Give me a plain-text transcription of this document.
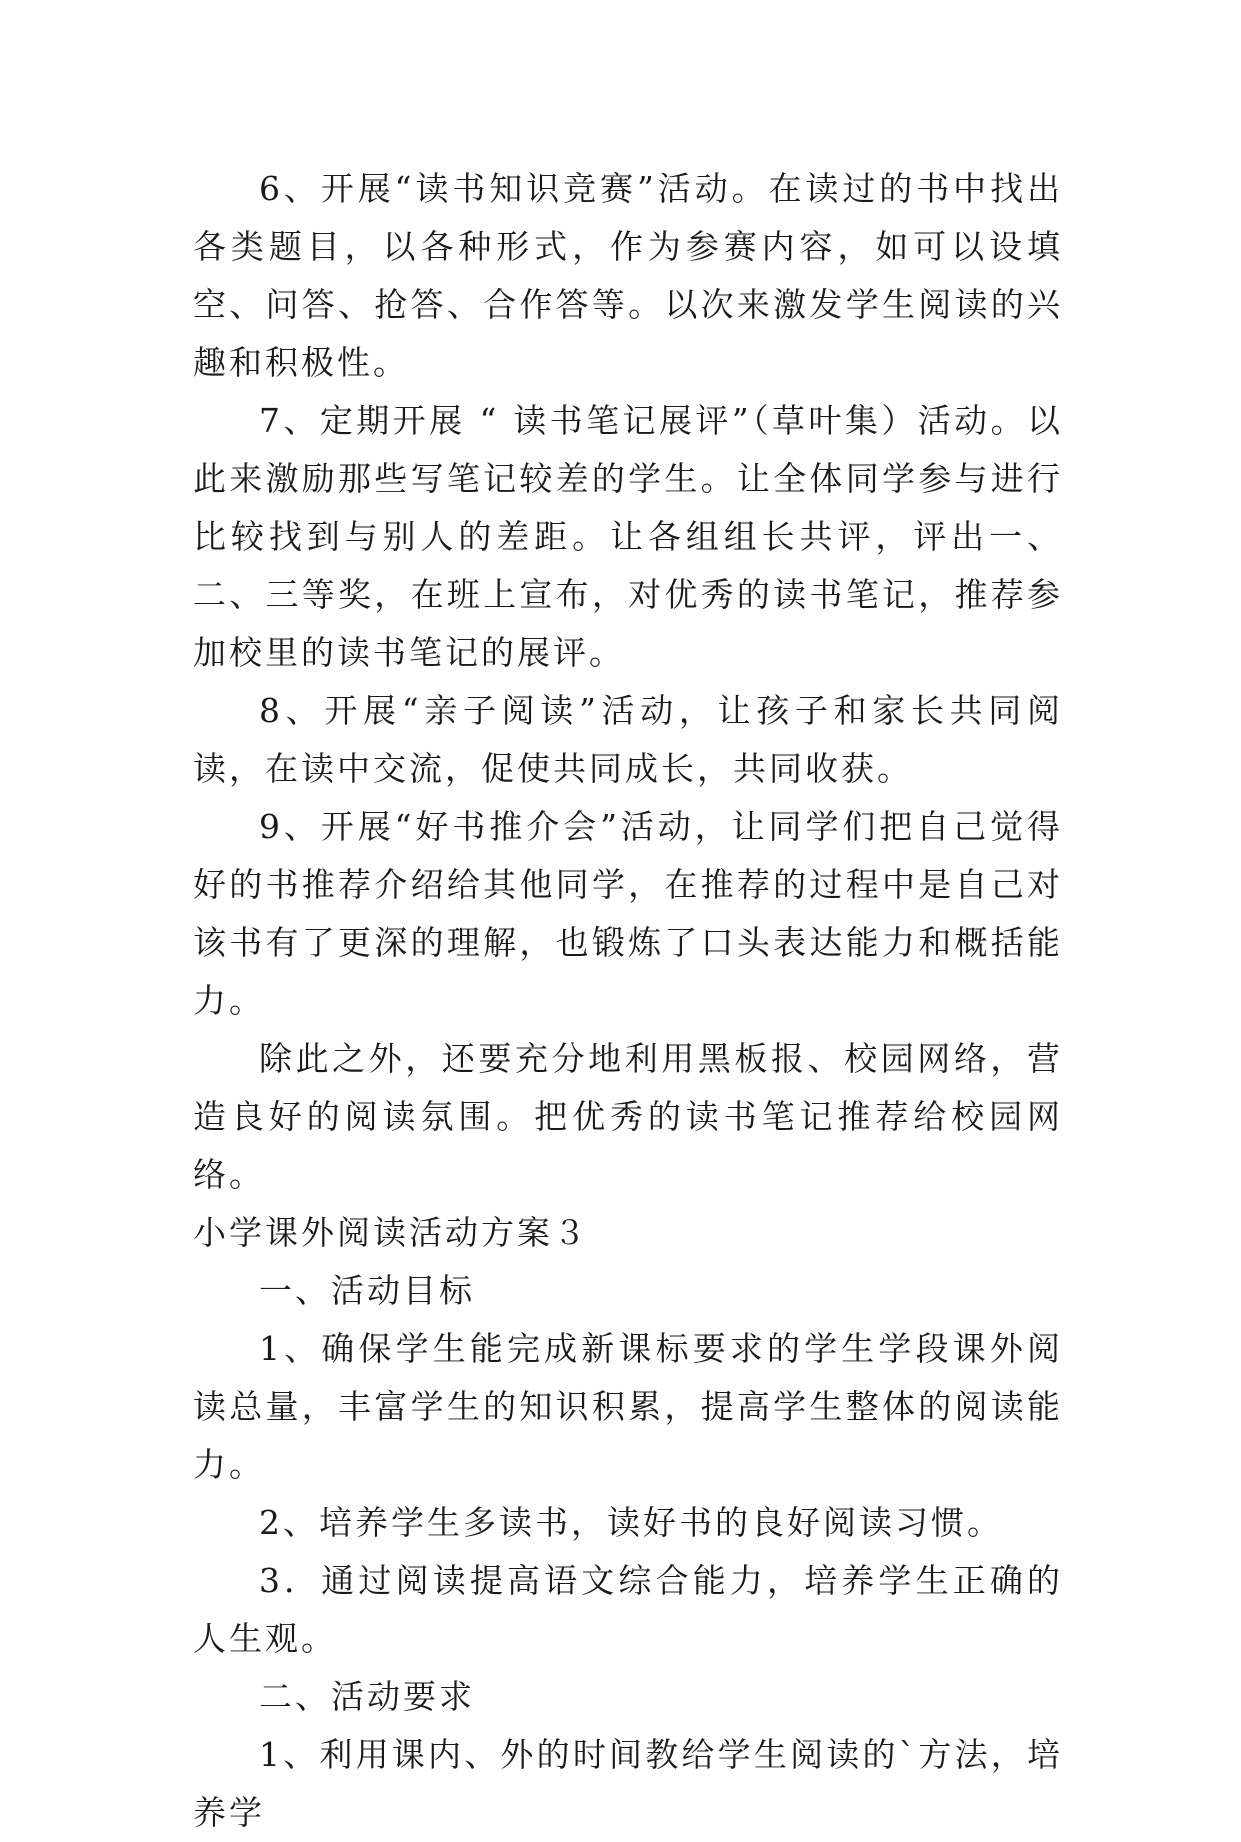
6、开展“读书知识竞赛”活动。在读过的书中找出各类题目，以各种形式，作为参赛内容，如可以设填空、问答、抢答、合作答等。以次来激发学生阅读的兴趣和积极性。

7、定期开展 “ 读书笔记展评”（草叶集）活动。以此来激励那些写笔记较差的学生。让全体同学参与进行比较找到与别人的差距。让各组组长共评，评出一、二、三等奖，在班上宣布，对优秀的读书笔记，推荐参加校里的读书笔记的展评。

8、开展“亲子阅读”活动，让孩子和家长共同阅读，在读中交流，促使共同成长，共同收获。

9、开展“好书推介会”活动，让同学们把自己觉得好的书推荐介绍给其他同学，在推荐的过程中是自己对该书有了更深的理解，也锻炼了口头表达能力和概括能力。

除此之外，还要充分地利用黑板报、校园网络，营造良好的阅读氛围。把优秀的读书笔记推荐给校园网络。

小学课外阅读活动方案３

一、活动目标

1、确保学生能完成新课标要求的学生学段课外阅读总量，丰富学生的知识积累，提高学生整体的阅读能力。

2、培养学生多读书，读好书的良好阅读习惯。

3．通过阅读提高语文综合能力，培养学生正确的人生观。

二、活动要求

1、利用课内、外的时间教给学生阅读的`方法，培养学
